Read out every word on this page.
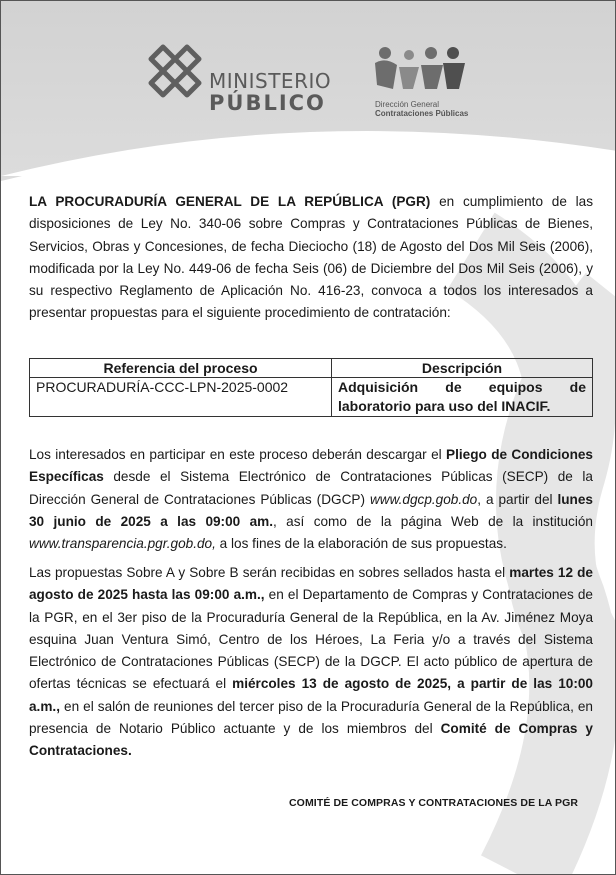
MINISTERIO
PÚBLICO	Dirección General
Contrataciones Públicas

LA PROCURADURÍA GENERAL DE LA REPÚBLICA (PGR) en cumplimiento de las disposiciones de Ley No. 340-06 sobre Compras y Contrataciones Públicas de Bienes, Servicios, Obras y Concesiones, de fecha Dieciocho (18) de Agosto del Dos Mil Seis (2006), modificada por la Ley No. 449-06 de fecha Seis (06) de Diciembre del Dos Mil Seis (2006), y su respectivo Reglamento de Aplicación No. 416-23, convoca a todos los interesados a presentar propuestas para el siguiente procedimiento de contratación:

Referencia del proceso	Descripción
PROCURADURÍA-CCC-LPN-2025-0002	Adquisición de equipos de laboratorio para uso del INACIF.

Los interesados en participar en este proceso deberán descargar el Pliego de Condiciones Específicas desde el Sistema Electrónico de Contrataciones Públicas (SECP) de la Dirección General de Contrataciones Públicas (DGCP) www.dgcp.gob.do, a partir del lunes 30 junio de 2025 a las 09:00 am., así como de la página Web de la institución www.transparencia.pgr.gob.do, a los fines de la elaboración de sus propuestas.

Las propuestas Sobre A y Sobre B serán recibidas en sobres sellados hasta el martes 12 de agosto de 2025 hasta las 09:00 a.m., en el Departamento de Compras y Contrataciones de la PGR, en el 3er piso de la Procuraduría General de la República, en la Av. Jiménez Moya esquina Juan Ventura Simó, Centro de los Héroes, La Feria y/o a través del Sistema Electrónico de Contrataciones Públicas (SECP) de la DGCP. El acto público de apertura de ofertas técnicas se efectuará el miércoles 13 de agosto de 2025, a partir de las 10:00 a.m., en el salón de reuniones del tercer piso de la Procuraduría General de la República, en presencia de Notario Público actuante y de los miembros del Comité de Compras y Contrataciones.

COMITÉ DE COMPRAS Y CONTRATACIONES DE LA PGR
